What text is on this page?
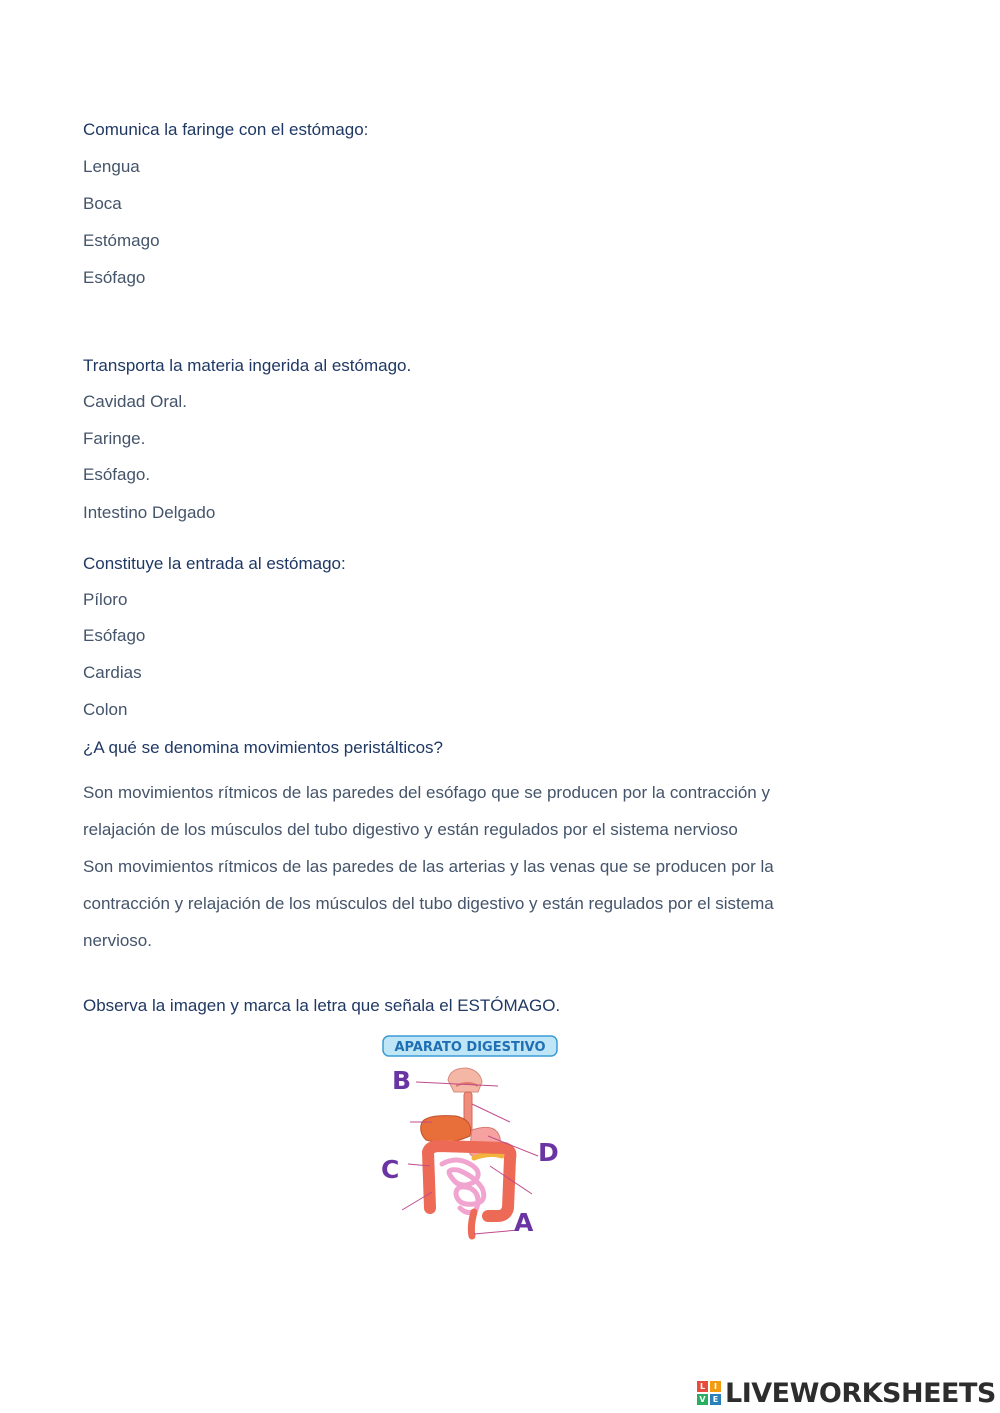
Comunica la faringe con el estómago:
Lengua
Boca
Estómago
Esófago
Transporta la materia ingerida al estómago.
Cavidad Oral.
Faringe.
Esófago.
Intestino Delgado
Constituye la entrada al estómago:
Píloro
Esófago
Cardias
Colon
¿A qué se denomina movimientos peristálticos?
Son movimientos rítmicos de las paredes del esófago que se producen por la contracción y relajación de los músculos del tubo digestivo y están regulados por el sistema nervioso
Son movimientos rítmicos de las paredes de las arterias y las venas que se producen por la contracción y relajación de los músculos del tubo digestivo y están regulados por el sistema nervioso.
Observa la imagen y marca la letra que señala el ESTÓMAGO.
APARATO DIGESTIVO
B
C
D
A
L	I
V E LIVEWORKSHEETS
